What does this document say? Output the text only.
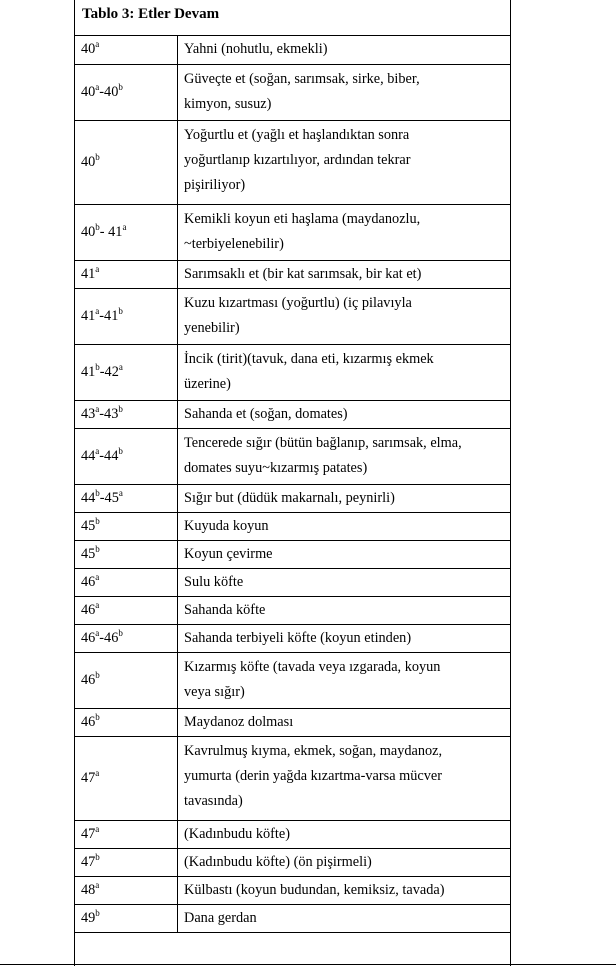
Tablo 3: Etler Devam
40$^a$	Yahni (nohutlu, ekmekli)

40$^a$-40$^b$	Güveçte et (soğan, sarımsak, sirke, biber,
kimyon, susuz)

40$^b$	Yoğurtlu et (yağlı et haşlandıktan sonra
yoğurtlanıp kızartılıyor, ardından tekrar
pişiriliyor)

40$^b$- 41$^a$	Kemikli koyun eti haşlama (maydanozlu,
~terbiyelenebilir)

41$^a$	Sarımsaklı et (bir kat sarımsak, bir kat et)

41$^a$-41$^b$	Kuzu kızartması (yoğurtlu) (iç pilavıyla
yenebilir)

41$^b$-42$^a$	İncik (tirit)(tavuk, dana eti, kızarmış ekmek
üzerine)

43$^a$-43$^b$	Sahanda et (soğan, domates)

44$^a$-44$^b$	Tencerede sığır (bütün bağlanıp, sarımsak, elma,
domates suyu~kızarmış patates)

44$^b$-45$^a$	Sığır but (düdük makarnalı, peynirli)

45$^b$	Kuyuda koyun

45$^b$	Koyun çevirme

46$^a$	Sulu köfte

46$^a$	Sahanda köfte

46$^a$-46$^b$	Sahanda terbiyeli köfte (koyun etinden)

46$^b$	Kızarmış köfte (tavada veya ızgarada, koyun
veya sığır)

46$^b$	Maydanoz dolması

47$^a$	Kavrulmuş kıyma, ekmek, soğan, maydanoz,
yumurta (derin yağda kızartma-varsa mücver
tavasında)

47$^a$	(Kadınbudu köfte)

47$^b$	(Kadınbudu köfte) (ön pişirmeli)

48$^a$	Külbastı (koyun budundan, kemiksiz, tavada)

49$^b$	Dana gerdan
